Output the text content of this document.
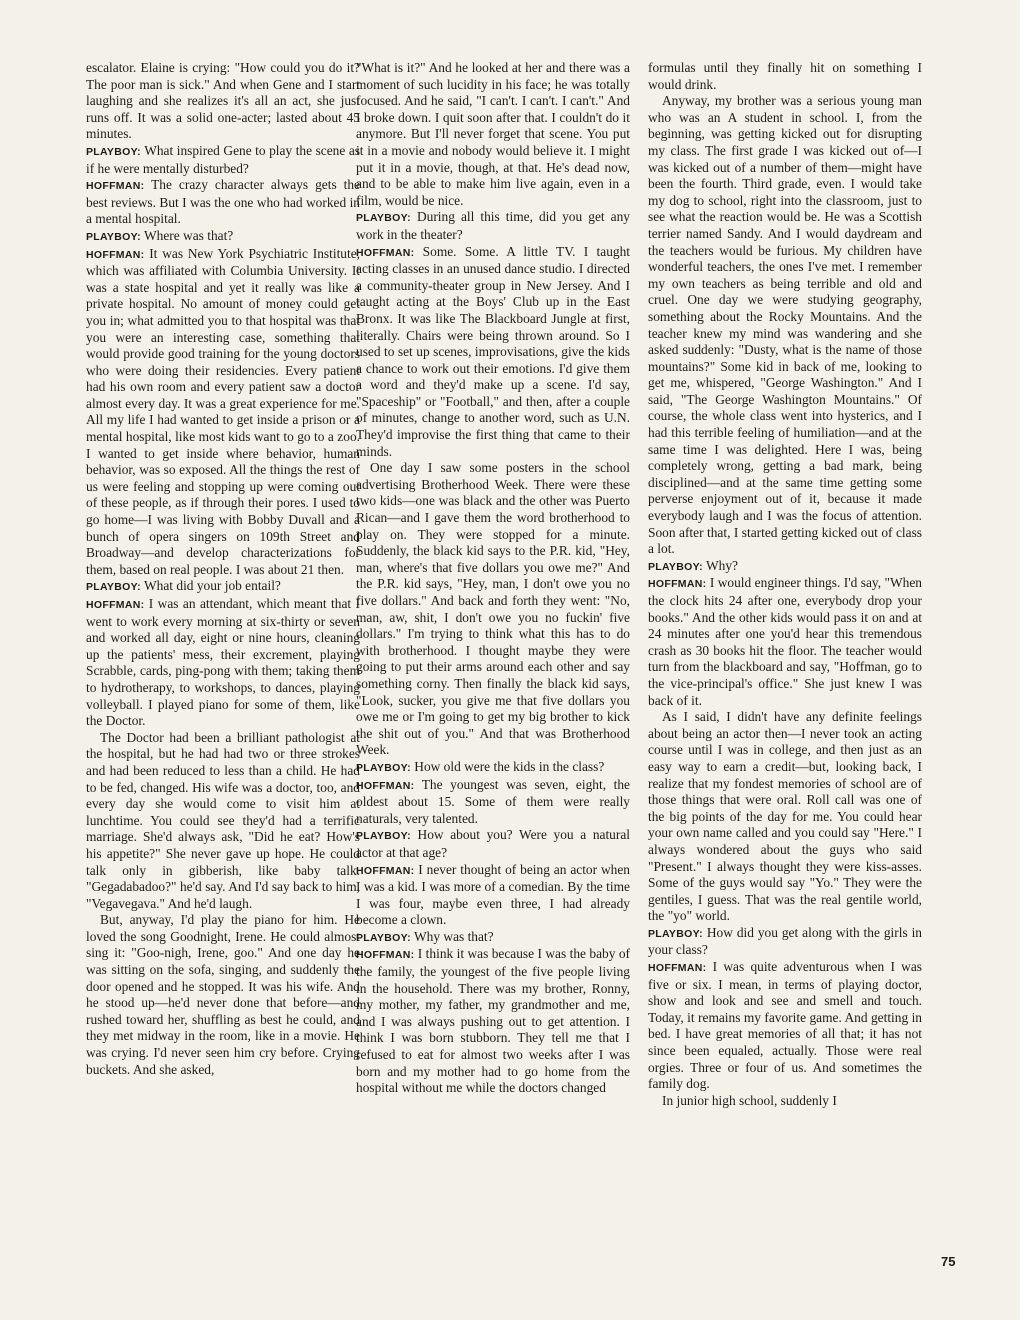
escalator. Elaine is crying: "How could you do it? The poor man is sick." And when Gene and I start laughing and she realizes it's all an act, she just runs off. It was a solid one-acter; lasted about 45 minutes.

PLAYBOY: What inspired Gene to play the scene as if he were mentally disturbed?

HOFFMAN: The crazy character always gets the best reviews. But I was the one who had worked in a mental hospital.

PLAYBOY: Where was that?

HOFFMAN: It was New York Psychiatric Institute, which was affiliated with Columbia University. It was a state hospital and yet it really was like a private hospital. No amount of money could get you in; what admitted you to that hospital was that you were an interesting case, something that would provide good training for the young doctors who were doing their residencies. Every patient had his own room and every patient saw a doctor almost every day. It was a great experience for me. All my life I had wanted to get inside a prison or a mental hospital, like most kids want to go to a zoo. I wanted to get inside where behavior, human behavior, was so exposed. All the things the rest of us were feeling and stopping up were coming out of these people, as if through their pores. I used to go home—I was living with Bobby Duvall and a bunch of opera singers on 109th Street and Broadway—and develop characterizations for them, based on real people. I was about 21 then.

PLAYBOY: What did your job entail?

HOFFMAN: I was an attendant, which meant that I went to work every morning at six-thirty or seven and worked all day, eight or nine hours, cleaning up the patients' mess, their excrement, playing Scrabble, cards, ping-pong with them; taking them to hydrotherapy, to workshops, to dances, playing volleyball. I played piano for some of them, like the Doctor.

The Doctor had been a brilliant pathologist at the hospital, but he had had two or three strokes and had been reduced to less than a child. He had to be fed, changed. His wife was a doctor, too, and every day she would come to visit him at lunchtime. You could see they'd had a terrific marriage. She'd always ask, "Did he eat? How's his appetite?" She never gave up hope. He could talk only in gibberish, like baby talk. "Gegadabadoo?" he'd say. And I'd say back to him, "Vegavegava." And he'd laugh.

But, anyway, I'd play the piano for him. He loved the song Goodnight, Irene. He could almost sing it: "Goo-nigh, Irene, goo." And one day he was sitting on the sofa, singing, and suddenly the door opened and he stopped. It was his wife. And he stood up—he'd never done that before—and rushed toward her, shuffling as best he could, and they met midway in the room, like in a movie. He was crying. I'd never seen him cry before. Crying buckets. And she asked,

"What is it?" And he looked at her and there was a moment of such lucidity in his face; he was totally focused. And he said, "I can't. I can't. I can't." And I broke down. I quit soon after that. I couldn't do it anymore. But I'll never forget that scene. You put it in a movie and nobody would believe it. I might put it in a movie, though, at that. He's dead now, and to be able to make him live again, even in a film, would be nice.

PLAYBOY: During all this time, did you get any work in the theater?

HOFFMAN: Some. Some. A little TV. I taught acting classes in an unused dance studio. I directed a community-theater group in New Jersey. And I taught acting at the Boys' Club up in the East Bronx. It was like The Blackboard Jungle at first, literally. Chairs were being thrown around. So I used to set up scenes, improvisations, give the kids a chance to work out their emotions. I'd give them a word and they'd make up a scene. I'd say, "Spaceship" or "Football," and then, after a couple of minutes, change to another word, such as U.N. They'd improvise the first thing that came to their minds.

One day I saw some posters in the school advertising Brotherhood Week. There were these two kids—one was black and the other was Puerto Rican—and I gave them the word brotherhood to play on. They were stopped for a minute. Suddenly, the black kid says to the P.R. kid, "Hey, man, where's that five dollars you owe me?" And the P.R. kid says, "Hey, man, I don't owe you no five dollars." And back and forth they went: "No, man, aw, shit, I don't owe you no fuckin' five dollars." I'm trying to think what this has to do with brotherhood. I thought maybe they were going to put their arms around each other and say something corny. Then finally the black kid says, "Look, sucker, you give me that five dollars you owe me or I'm going to get my big brother to kick the shit out of you." And that was Brotherhood Week.

PLAYBOY: How old were the kids in the class?

HOFFMAN: The youngest was seven, eight, the oldest about 15. Some of them were really naturals, very talented.

PLAYBOY: How about you? Were you a natural actor at that age?

HOFFMAN: I never thought of being an actor when I was a kid. I was more of a comedian. By the time I was four, maybe even three, I had already become a clown.

PLAYBOY: Why was that?

HOFFMAN: I think it was because I was the baby of the family, the youngest of the five people living in the household. There was my brother, Ronny, my mother, my father, my grandmother and me, and I was always pushing out to get attention. I think I was born stubborn. They tell me that I refused to eat for almost two weeks after I was born and my mother had to go home from the hospital without me while the doctors changed

formulas until they finally hit on something I would drink.

Anyway, my brother was a serious young man who was an A student in school. I, from the beginning, was getting kicked out for disrupting my class. The first grade I was kicked out of—I was kicked out of a number of them—might have been the fourth. Third grade, even. I would take my dog to school, right into the classroom, just to see what the reaction would be. He was a Scottish terrier named Sandy. And I would daydream and the teachers would be furious. My children have wonderful teachers, the ones I've met. I remember my own teachers as being terrible and old and cruel. One day we were studying geography, something about the Rocky Mountains. And the teacher knew my mind was wandering and she asked suddenly: "Dusty, what is the name of those mountains?" Some kid in back of me, looking to get me, whispered, "George Washington." And I said, "The George Washington Mountains." Of course, the whole class went into hysterics, and I had this terrible feeling of humiliation—and at the same time I was delighted. Here I was, being completely wrong, getting a bad mark, being disciplined—and at the same time getting some perverse enjoyment out of it, because it made everybody laugh and I was the focus of attention. Soon after that, I started getting kicked out of class a lot.

PLAYBOY: Why?

HOFFMAN: I would engineer things. I'd say, "When the clock hits 24 after one, everybody drop your books." And the other kids would pass it on and at 24 minutes after one you'd hear this tremendous crash as 30 books hit the floor. The teacher would turn from the blackboard and say, "Hoffman, go to the vice-principal's office." She just knew I was back of it.

As I said, I didn't have any definite feelings about being an actor then—I never took an acting course until I was in college, and then just as an easy way to earn a credit—but, looking back, I realize that my fondest memories of school are of those things that were oral. Roll call was one of the big points of the day for me. You could hear your own name called and you could say "Here." I always wondered about the guys who said "Present." I always thought they were kiss-asses. Some of the guys would say "Yo." They were the gentiles, I guess. That was the real gentile world, the "yo" world.

PLAYBOY: How did you get along with the girls in your class?

HOFFMAN: I was quite adventurous when I was five or six. I mean, in terms of playing doctor, show and look and see and smell and touch. Today, it remains my favorite game. And getting in bed. I have great memories of all that; it has not since been equaled, actually. Those were real orgies. Three or four of us. And sometimes the family dog.

In junior high school, suddenly I

75
